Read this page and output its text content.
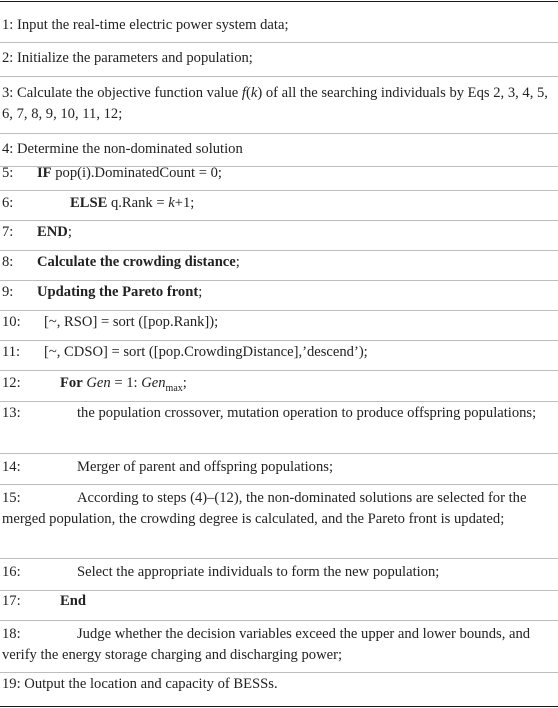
1: Input the real-time electric power system data;
2: Initialize the parameters and population;
3: Calculate the objective function value f(k) of all the searching individuals by Eqs 2, 3, 4, 5, 6, 7, 8, 9, 10, 11, 12;
4: Determine the non-dominated solution
5: IF pop(i).DominatedCount = 0;
6:	ELSE q.Rank = k+1;
7: END;
8: Calculate the crowding distance;
9: Updating the Pareto front;
10: [~, RSO] = sort ([pop.Rank]);
11: [~, CDSO] = sort ([pop.CrowdingDistance],’descend’);
12:	For Gen = 1: Gen$_{max}$;
13:	the population crossover, mutation operation to produce offspring populations;
14:	Merger of parent and offspring populations;
15:	According to steps (4)–(12), the non-dominated solutions are selected for the merged population, the crowding degree is calculated, and the Pareto front is updated;
16:	Select the appropriate individuals to form the new population;
17:	End
18:	Judge whether the decision variables exceed the upper and lower bounds, and verify the energy storage charging and discharging power;
19: Output the location and capacity of BESSs.
